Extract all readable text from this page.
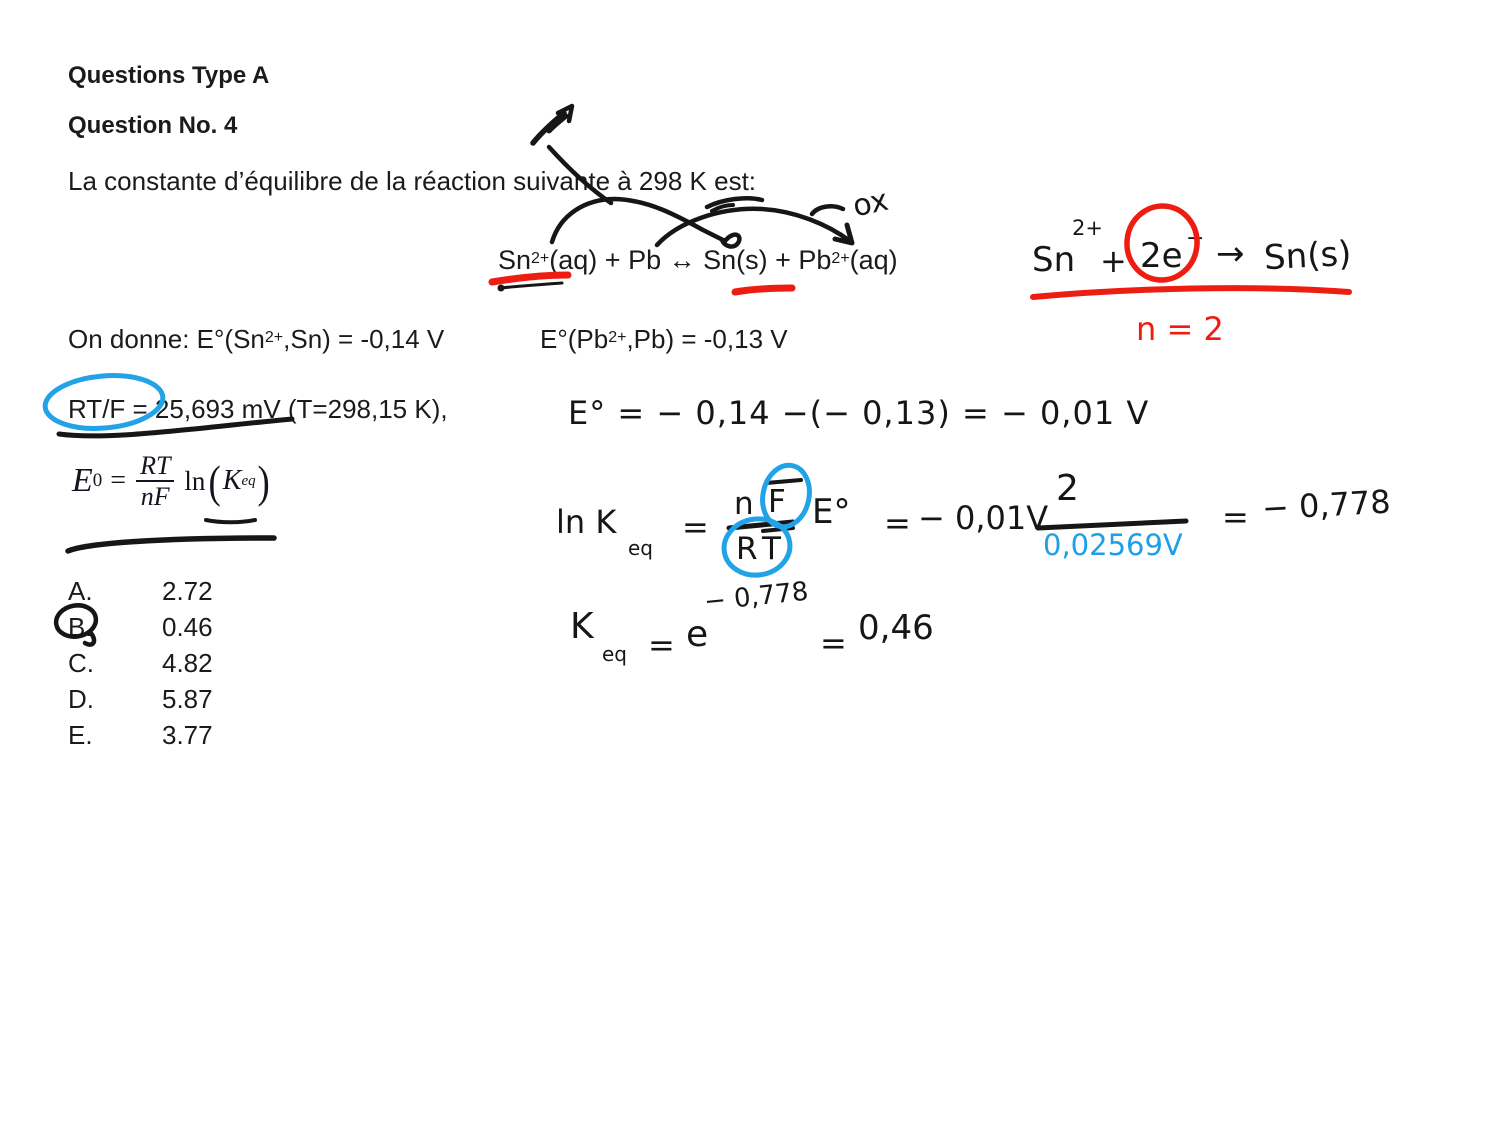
Questions Type A
Question No. 4
La constante d’équilibre de la réaction suivante à 298 K est:
$Sn^{2+}(aq) + Pb$ ↔ $Sn(s) + Pb^{2+}(aq)$
On donne: $E^\circ(Sn^{2+},Sn) = -0,14$ V	$E^\circ(Pb^{2+},Pb) = -0,13$ V
RT/F = 25,693 mV (T=298,15 K),
E $0 = \frac{RT}{nF}$ ln ( K eq )
A.	2.72
B.	0.46
C.	4.82
D.	5.87
E.	3.77
ox
E° = − 0,14 −(− 0,13) = − 0,01 V
ln K
eq
=
n F
R T
E° = − 0,01V
2
0,02569V
= − 0,778
K
eq = e
− 0,778
= 0,46
Sn
2+
+ 2e − → Sn(s)
n = 2
